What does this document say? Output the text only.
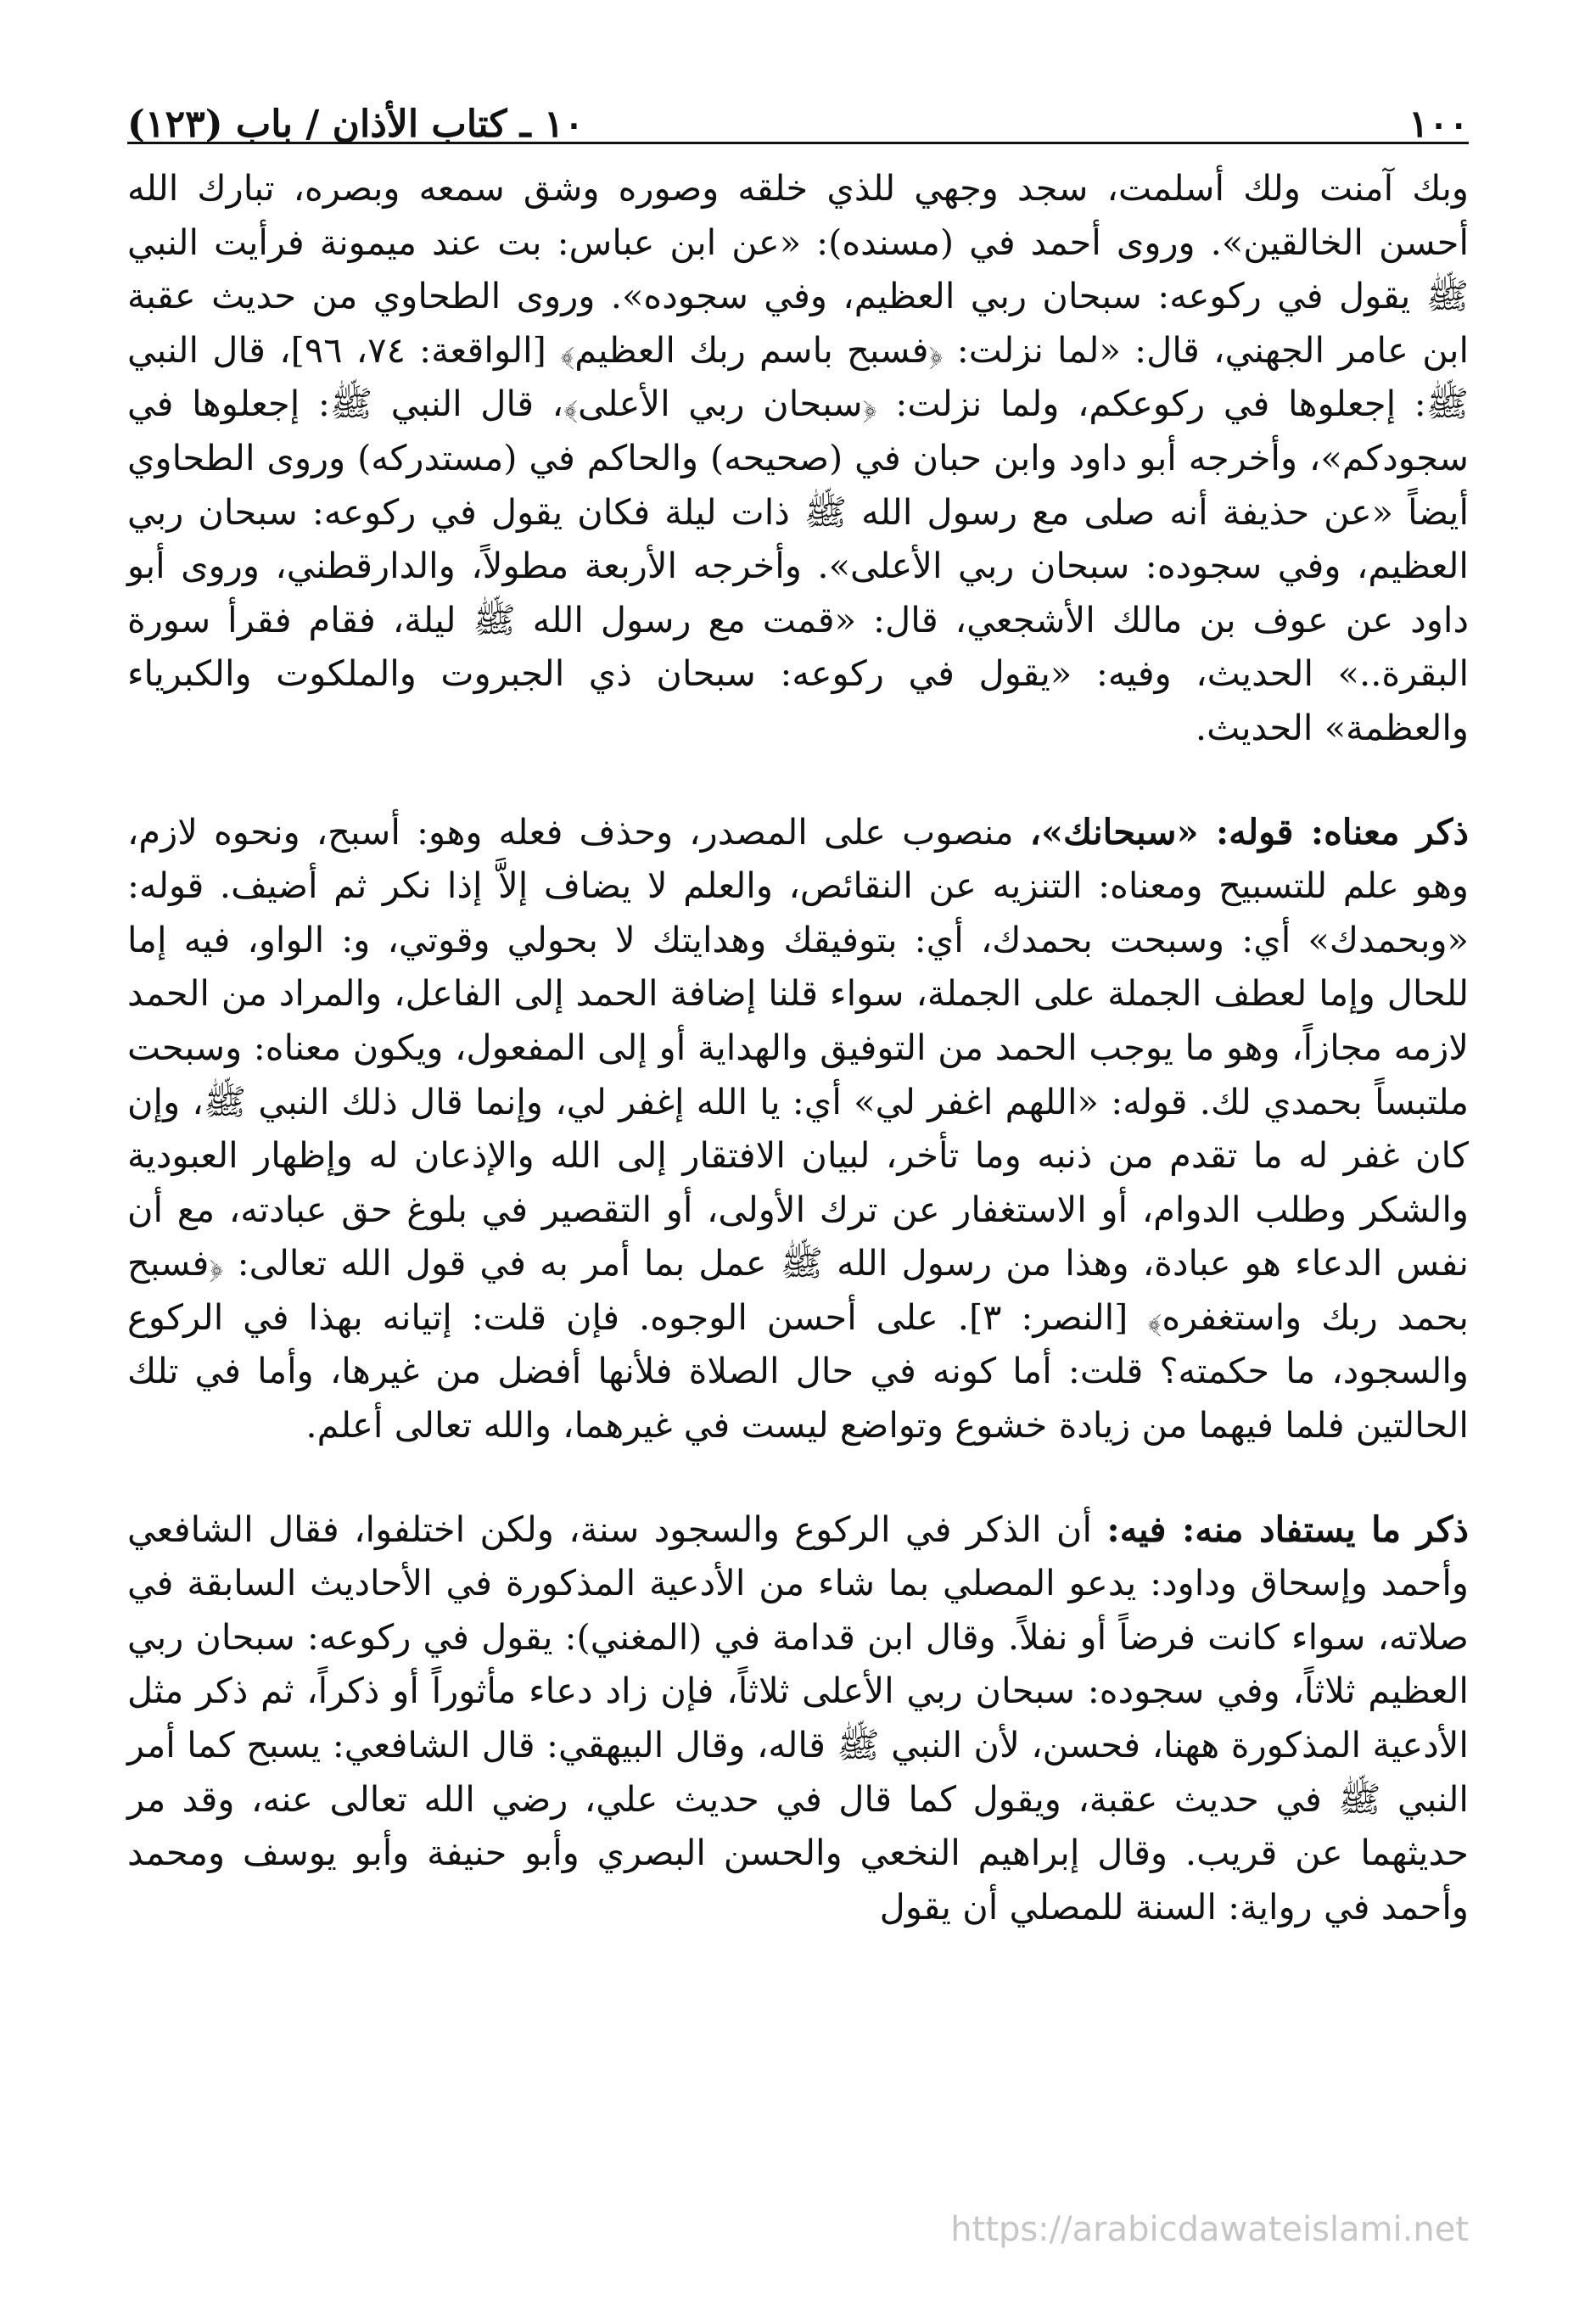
١٠٠
١٠ ـ كتاب الأذان / باب (١٢٣)

وبك آمنت ولك أسلمت، سجد وجهي للذي خلقه وصوره وشق سمعه وبصره، تبارك الله أحسن الخالقين». وروى أحمد في (مسنده): «عن ابن عباس: بت عند ميمونة فرأيت النبي ﷺ يقول في ركوعه: سبحان ربي العظيم، وفي سجوده». وروى الطحاوي من حديث عقبة ابن عامر الجهني، قال: «لما نزلت: ﴿فسبح باسم ربك العظيم﴾ [الواقعة: ٧٤، ٩٦]، قال النبي ﷺ: إجعلوها في ركوعكم، ولما نزلت: ﴿سبحان ربي الأعلى﴾، قال النبي ﷺ: إجعلوها في سجودكم»، وأخرجه أبو داود وابن حبان في (صحيحه) والحاكم في (مستدركه) وروى الطحاوي أيضاً «عن حذيفة أنه صلى مع رسول الله ﷺ ذات ليلة فكان يقول في ركوعه: سبحان ربي العظيم، وفي سجوده: سبحان ربي الأعلى». وأخرجه الأربعة مطولاً، والدارقطني، وروى أبو داود عن عوف بن مالك الأشجعي، قال: «قمت مع رسول الله ﷺ ليلة، فقام فقرأ سورة البقرة..» الحديث، وفيه: «يقول في ركوعه: سبحان ذي الجبروت والملكوت والكبرياء والعظمة» الحديث.

ذكر معناه: قوله: «سبحانك»، منصوب على المصدر، وحذف فعله وهو: أسبح، ونحوه لازم، وهو علم للتسبيح ومعناه: التنزيه عن النقائص، والعلم لا يضاف إلاَّ إذا نكر ثم أضيف. قوله: «وبحمدك» أي: وسبحت بحمدك، أي: بتوفيقك وهدايتك لا بحولي وقوتي، و: الواو، فيه إما للحال وإما لعطف الجملة على الجملة، سواء قلنا إضافة الحمد إلى الفاعل، والمراد من الحمد لازمه مجازاً، وهو ما يوجب الحمد من التوفيق والهداية أو إلى المفعول، ويكون معناه: وسبحت ملتبساً بحمدي لك. قوله: «اللهم اغفر لي» أي: يا الله إغفر لي، وإنما قال ذلك النبي ﷺ، وإن كان غفر له ما تقدم من ذنبه وما تأخر، لبيان الافتقار إلى الله والإذعان له وإظهار العبودية والشكر وطلب الدوام، أو الاستغفار عن ترك الأولى، أو التقصير في بلوغ حق عبادته، مع أن نفس الدعاء هو عبادة، وهذا من رسول الله ﷺ عمل بما أمر به في قول الله تعالى: ﴿فسبح بحمد ربك واستغفره﴾ [النصر: ٣]. على أحسن الوجوه. فإن قلت: إتيانه بهذا في الركوع والسجود، ما حكمته؟ قلت: أما كونه في حال الصلاة فلأنها أفضل من غيرها، وأما في تلك الحالتين فلما فيهما من زيادة خشوع وتواضع ليست في غيرهما، والله تعالى أعلم.

ذكر ما يستفاد منه: فيه: أن الذكر في الركوع والسجود سنة، ولكن اختلفوا، فقال الشافعي وأحمد وإسحاق وداود: يدعو المصلي بما شاء من الأدعية المذكورة في الأحاديث السابقة في صلاته، سواء كانت فرضاً أو نفلاً. وقال ابن قدامة في (المغني): يقول في ركوعه: سبحان ربي العظيم ثلاثاً، وفي سجوده: سبحان ربي الأعلى ثلاثاً، فإن زاد دعاء مأثوراً أو ذكراً، ثم ذكر مثل الأدعية المذكورة ههنا، فحسن، لأن النبي ﷺ قاله، وقال البيهقي: قال الشافعي: يسبح كما أمر النبي ﷺ في حديث عقبة، ويقول كما قال في حديث علي، رضي الله تعالى عنه، وقد مر حديثهما عن قريب. وقال إبراهيم النخعي والحسن البصري وأبو حنيفة وأبو يوسف ومحمد وأحمد في رواية: السنة للمصلي أن يقول

https://arabicdawateislami.net
